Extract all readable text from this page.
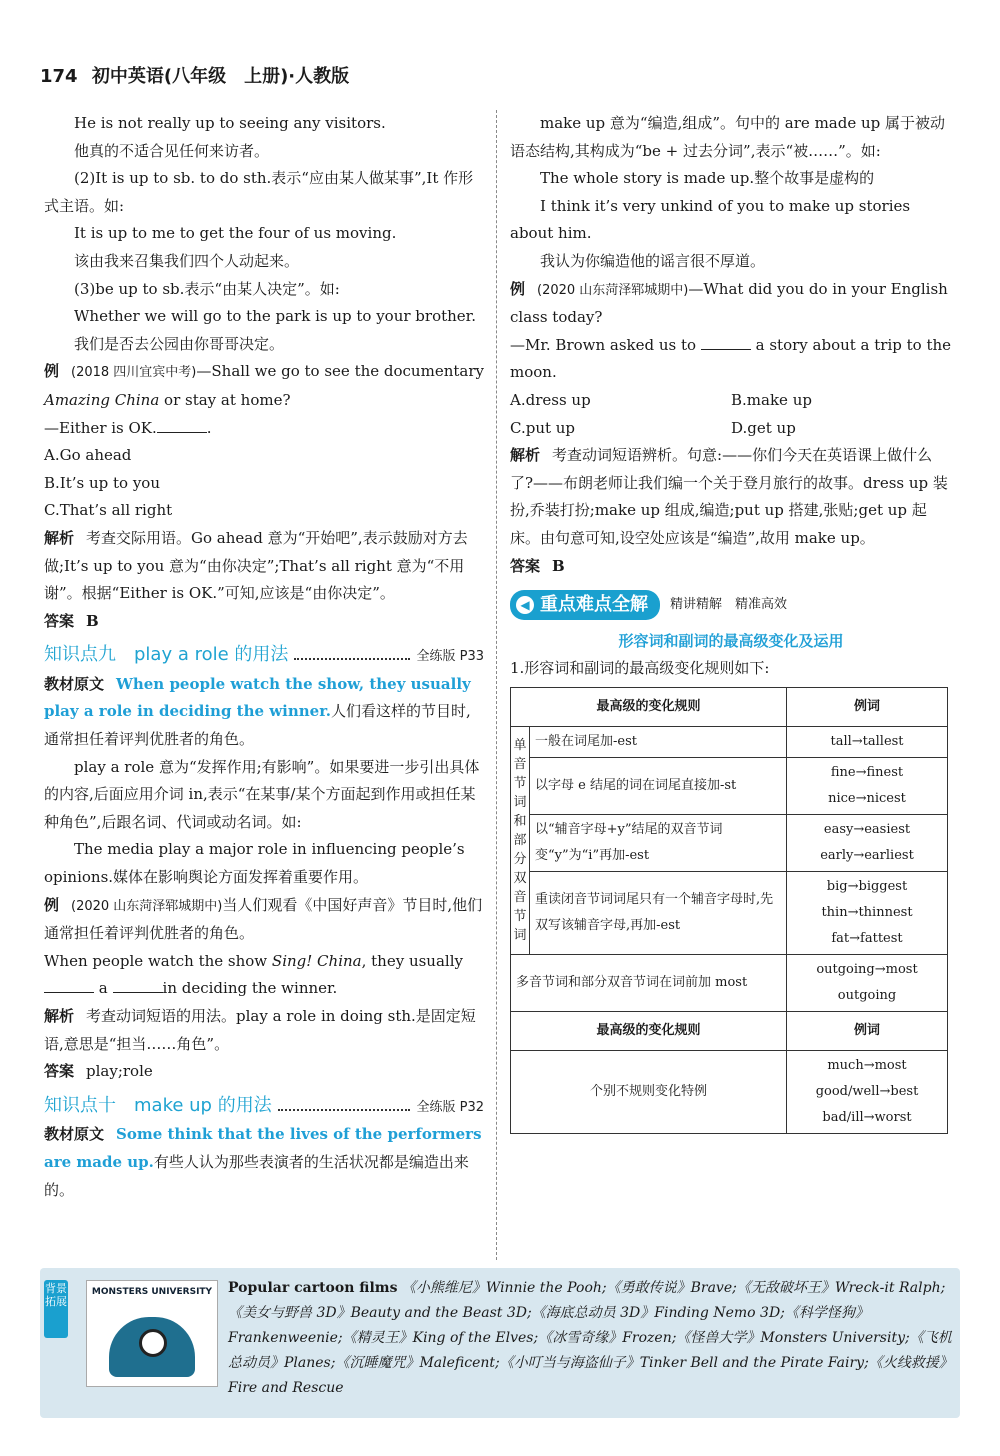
174 初中英语(八年级　上册)·人教版

He is not really up to seeing any visitors.

他真的不适合见任何来访者。

(2)It is up to sb. to do sth.表示“应由某人做某事”,It 作形式主语。如:

It is up to me to get the four of us moving.

该由我来召集我们四个人动起来。

(3)be up to sb.表示“由某人决定”。如:

Whether we will go to the park is up to your brother.

我们是否去公园由你哥哥决定。

例 (2018 四川宜宾中考)—Shall we go to see the documentary Amazing China or stay at home?

—Either is OK.	.

A.Go ahead

B.It’s up to you

C.That’s all right

解析 考查交际用语。Go ahead 意为“开始吧”,表示鼓励对方去做;It’s up to you 意为“由你决定”;That’s all right 意为“不用谢”。根据“Either is OK.”可知,应该是“由你决定”。

答案 B

知识点九　play a role 的用法	全练版 P33

教材原文 When people watch the show, they usually play a role in deciding the winner.人们看这样的节目时,通常担任着评判优胜者的角色。

play a role 意为“发挥作用;有影响”。如果要进一步引出具体的内容,后面应用介词 in,表示“在某事/某个方面起到作用或担任某种角色”,后跟名词、代词或动名词。如:

The media play a major role in influencing people’s opinions.媒体在影响舆论方面发挥着重要作用。

例 (2020 山东菏泽郓城期中)当人们观看《中国好声音》节目时,他们通常担任着评判优胜者的角色。

When people watch the show Sing! China, they usually
a	in deciding the winner.

解析 考查动词短语的用法。play a role in doing sth.是固定短语,意思是“担当……角色”。

答案 play;role

知识点十　make up 的用法	全练版 P32

教材原文 Some think that the lives of the performers are made up.有些人认为那些表演者的生活状况都是编造出来的。

make up 意为“编造,组成”。句中的 are made up 属于被动语态结构,其构成为“be + 过去分词”,表示“被……”。如:

The whole story is made up.整个故事是虚构的

I think it’s very unkind of you to make up stories about him.

我认为你编造他的谣言很不厚道。

例 (2020 山东菏泽郓城期中)—What did you do in your English class today?

—Mr. Brown asked us to	a story about a trip to the moon.

A.dress up	B.make up
C.put up	D.get up

解析 考查动词短语辨析。句意:——你们今天在英语课上做什么了?——布朗老师让我们编一个关于登月旅行的故事。dress up 装扮,乔装打扮;make up 组成,编造;put up 搭建,张贴;get up 起床。由句意可知,设空处应该是“编造”,故用 make up。

答案 B

◀ 重点难点全解 精讲精解　精准高效
形容词和副词的最高级变化及运用

1.形容词和副词的最高级变化规则如下:

最高级的变化规则		例词
单音节词和部分双音节词	一般在词尾加-est	tall→tallest
	以字母 e 结尾的词在词尾直接加-st	fine→finest nice→nicest
	以“辅音字母+y”结尾的双音节词变“y”为“i”再加-est	easy→easiest early→earliest
	重读闭音节词词尾只有一个辅音字母时,先双写该辅音字母,再加-est	big→biggest thin→thinnest fat→fattest
多音节词和部分双音节词在词前加 most		outgoing→most outgoing
最高级的变化规则		例词
个别不规则变化特例		much→most good/well→best bad/ill→worst
背景拓展
MONSTERS UNIVERSITY	Popular cartoon films 《小熊维尼》Winnie the Pooh;《勇敢传说》Brave;《无敌破坏王》Wreck-it Ralph;《美女与野兽 3D》Beauty and the Beast 3D;《海底总动员 3D》Finding Nemo 3D;《科学怪狗》Frankenweenie;《精灵王》King of the Elves;《冰雪奇缘》Frozen;《怪兽大学》Monsters University;《飞机总动员》Planes;《沉睡魔咒》Maleficent;《小叮当与海盗仙子》Tinker Bell and the Pirate Fairy;《火线救援》Fire and Rescue
